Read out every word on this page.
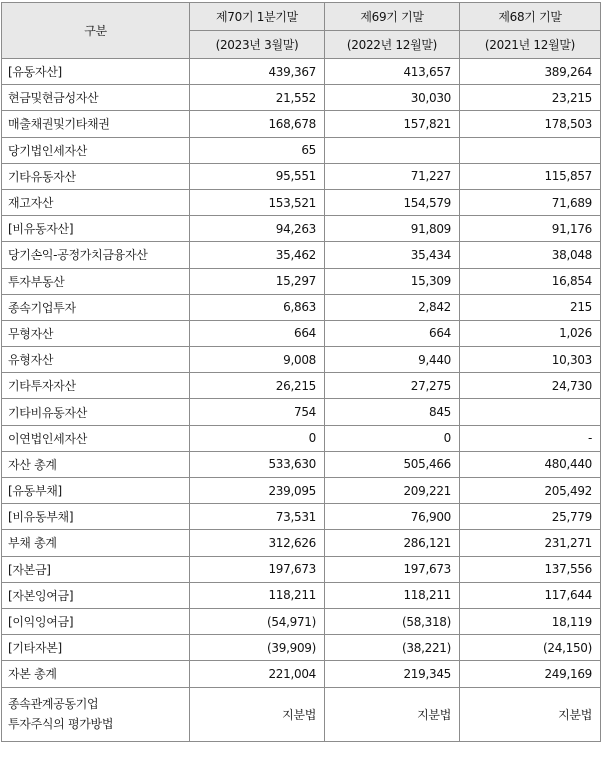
구분	제70기 1분기말	제69기 기말	제68기 기말
	(2023년 3월말)	(2022년 12월말)	(2021년 12월말)
[유동자산]	439,367	413,657	389,264
현금및현금성자산	21,552	30,030	23,215
매출채권및기타채권	168,678	157,821	178,503
당기법인세자산	65		
기타유동자산	95,551	71,227	115,857
재고자산	153,521	154,579	71,689
[비유동자산]	94,263	91,809	91,176
당기손익-공정가치금융자산	35,462	35,434	38,048
투자부동산	15,297	15,309	16,854
종속기업투자	6,863	2,842	215
무형자산	664	664	1,026
유형자산	9,008	9,440	10,303
기타투자자산	26,215	27,275	24,730
기타비유동자산	754	845	
이연법인세자산	0	0	-
자산 총계	533,630	505,466	480,440
[유동부채]	239,095	209,221	205,492
[비유동부채]	73,531	76,900	25,779
부채 총계	312,626	286,121	231,271
[자본금]	197,673	197,673	137,556
[자본잉여금]	118,211	118,211	117,644
[이익잉여금]	(54,971)	(58,318)	18,119
[기타자본]	(39,909)	(38,221)	(24,150)
자본 총계	221,004	219,345	249,169

종속관계공동기업
투자주식의 평가방법	지분법	지분법	지분법
